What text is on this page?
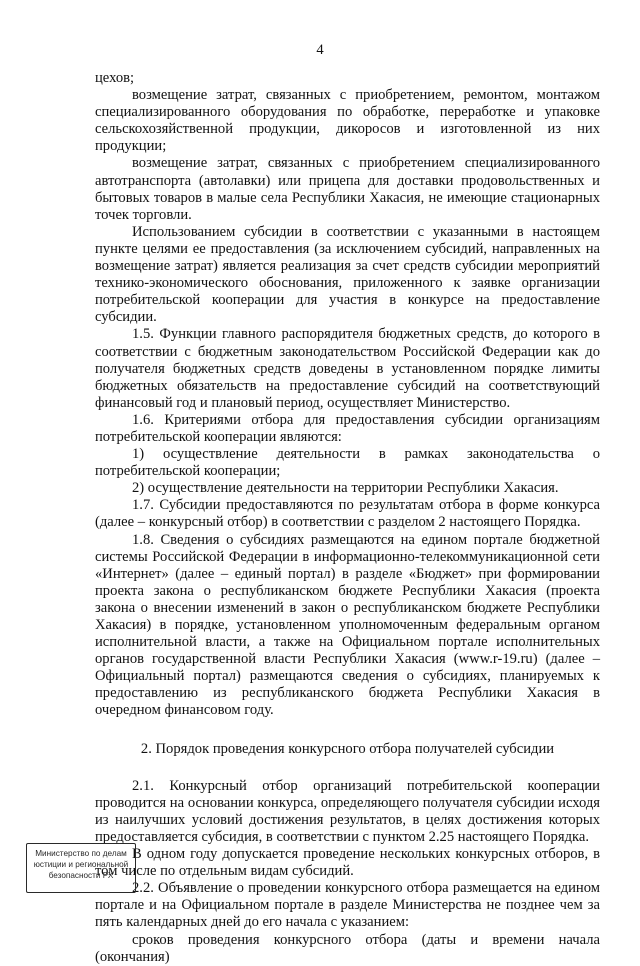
4

цехов;

возмещение затрат, связанных с приобретением, ремонтом, монтажом специализированного оборудования по обработке, переработке и упаковке сельскохозяйственной продукции, дикоросов и изготовленной из них продукции;

возмещение затрат, связанных с приобретением специализированного автотранспорта (автолавки) или прицепа для доставки продовольственных и бытовых товаров в малые села Республики Хакасия, не имеющие стационарных точек торговли.

Использованием субсидии в соответствии с указанными в настоящем пункте целями ее предоставления (за исключением субсидий, направленных на возмещение затрат) является реализация за счет средств субсидии мероприятий технико-экономического обоснования, приложенного к заявке организации потребительской кооперации для участия в конкурсе на предоставление субсидии.

1.5. Функции главного распорядителя бюджетных средств, до которого в соответствии с бюджетным законодательством Российской Федерации как до получателя бюджетных средств доведены в установленном порядке лимиты бюджетных обязательств на предоставление субсидий на соответствующий финансовый год и плановый период, осуществляет Министерство.

1.6. Критериями отбора для предоставления субсидии организациям потребительской кооперации являются:

1) осуществление деятельности в рамках законодательства о потребительской кооперации;

2) осуществление деятельности на территории Республики Хакасия.

1.7. Субсидии предоставляются по результатам отбора в форме конкурса (далее – конкурсный отбор) в соответствии с разделом 2 настоящего Порядка.

1.8. Сведения о субсидиях размещаются на едином портале бюджетной системы Российской Федерации в информационно-телекоммуникационной сети «Интернет» (далее – единый портал) в разделе «Бюджет» при формировании проекта закона о республиканском бюджете Республики Хакасия (проекта закона о внесении изменений в закон о республиканском бюджете Республики Хакасия) в порядке, установленном уполномоченным федеральным органом исполнительной власти, а также на Официальном портале исполнительных органов государственной власти Республики Хакасия (www.r-19.ru) (далее – Официальный портал) размещаются сведения о субсидиях, планируемых к предоставлению из республиканского бюджета Республики Хакасия в очередном финансовом году.

2. Порядок проведения конкурсного отбора получателей субсидии

2.1. Конкурсный отбор организаций потребительской кооперации проводится на основании конкурса, определяющего получателя субсидии исходя из наилучших условий достижения результатов, в целях достижения которых предоставляется субсидия, в соответствии с пунктом 2.25 настоящего Порядка.

В одном году допускается проведение нескольких конкурсных отборов, в том числе по отдельным видам субсидий.

2.2. Объявление о проведении конкурсного отбора размещается на едином портале и на Официальном портале в разделе Министерства не позднее чем за пять календарных дней до его начала с указанием:

сроков проведения конкурсного отбора (даты и времени начала (окончания)

Министерство по делам
юстиции и региональной
безопасности РХ
